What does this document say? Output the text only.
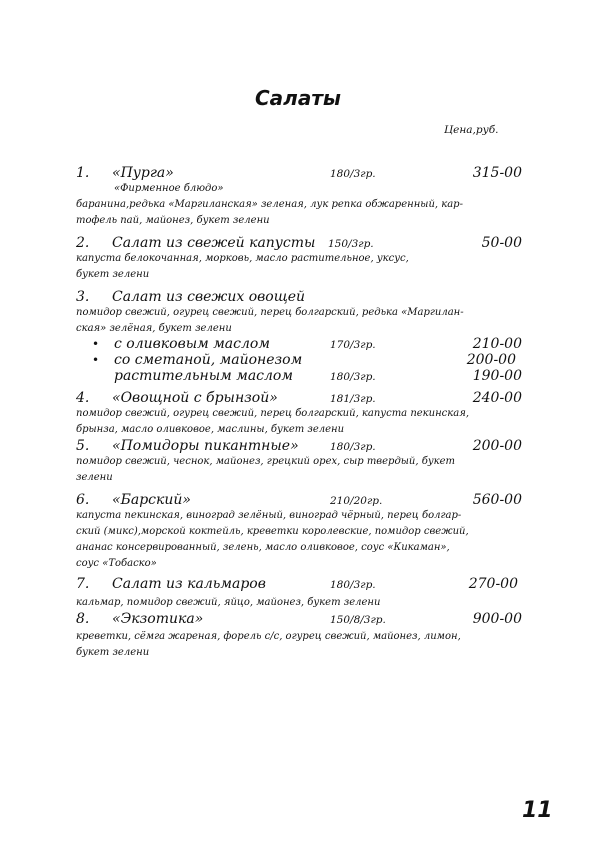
Салаты
Цена,руб.
1. «Пурга»	180/3гр.	315-00
«Фирменное блюдо»
баранина,редька «Маргиланская» зеленая, лук репка обжаренный, кар-
тофель пай, майонез, букет зелени
2. Салат из свежей капусты 150/3гр.	50-00
капуста белокочанная, морковь, масло растительное, уксус,
букет зелени
3. Салат из свежих овощей
помидор свежий, огурец свежий, перец болгарский, редька «Маргилан-
ская» зелёная, букет зелени
• с оливковым маслом	170/3гр.	210-00
• со сметаной, майонезом	200-00
растительным маслом	180/3гр.	190-00
4. «Овощной с брынзой»	181/3гр.	240-00
помидор свежий, огурец свежий, перец болгарский, капуста пекинская,
брынза, масло оливковое, маслины, букет зелени
5. «Помидоры пикантные»	180/3гр.	200-00
помидор свежий, чеснок, майонез, грецкий орех, сыр твердый, букет
зелени
6. «Барский»	210/20гр.	560-00
капуста пекинская, виноград зелёный, виноград чёрный, перец болгар-
ский (микс),морской коктейль, креветки королевские, помидор свежий,
ананас консервированный, зелень, масло оливковое, соус «Кикаман»,
соус «Тобаско»
7. Салат из кальмаров	180/3гр.	270-00
кальмар, помидор свежий, яйцо, майонез, букет зелени
8. «Экзотика»	150/8/3гр.	900-00
креветки, сёмга жареная, форель с/с, огурец свежий, майонез, лимон,
букет зелени
11
